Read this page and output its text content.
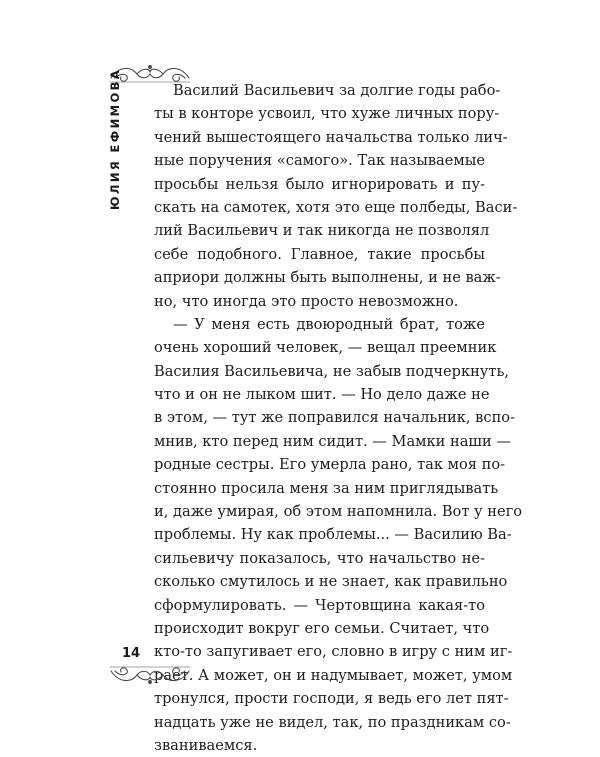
ЮЛИЯ ЕФИМОВА	Василий Васильевич за долгие годы рабо-
ты в конторе усвоил, что хуже личных пору-
чений вышестоящего начальства только лич-
ные поручения «самого». Так называемые
просьбы нельзя было игнорировать и пу-
скать на самотек, хотя это еще полбеды, Васи-
лий Васильевич и так никогда не позволял
себе подобного. Главное, такие просьбы
априори должны быть выполнены, и не важ-
но, что иногда это просто невозможно.
— У меня есть двоюродный брат, тоже
очень хороший человек, — вещал преемник
Василия Васильевича, не забыв подчеркнуть,
что и он не лыком шит. — Но дело даже не
в этом, — тут же поправился начальник, вспо-
мнив, кто перед ним сидит. — Мамки наши —
родные сестры. Его умерла рано, так моя по-
стоянно просила меня за ним приглядывать
и, даже умирая, об этом напомнила. Вот у него
проблемы. Ну как проблемы... — Василию Ва-
сильевичу показалось, что начальство не-
сколько смутилось и не знает, как правильно
сформулировать. — Чертовщина какая-то
происходит вокруг его семьи. Считает, что
кто-то запугивает его, словно в игру с ним иг-
рает. А может, он и надумывает, может, умом
тронулся, прости господи, я ведь его лет пят-
надцать уже не видел, так, по праздникам со-
званиваемся.
14
